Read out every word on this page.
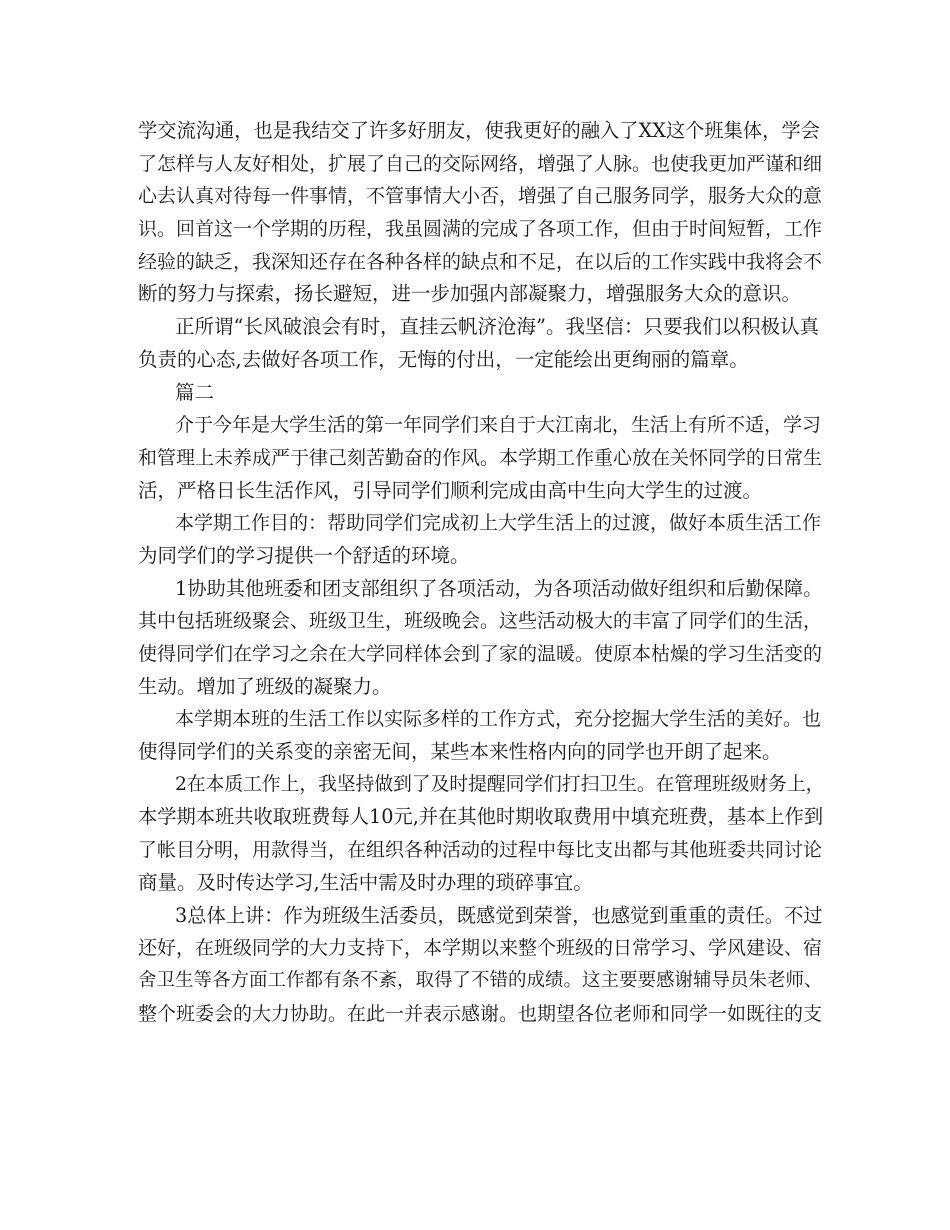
学交流沟通，也是我结交了许多好朋友，使我更好的融入了XX这个班集体，学会
了怎样与人友好相处，扩展了自己的交际网络，增强了人脉。也使我更加严谨和细
心去认真对待每一件事情，不管事情大小否，增强了自己服务同学，服务大众的意
识。回首这一个学期的历程，我虽圆满的完成了各项工作，但由于时间短暂，工作
经验的缺乏，我深知还存在各种各样的缺点和不足，在以后的工作实践中我将会不
断的努力与探索，扬长避短，进一步加强内部凝聚力，增强服务大众的意识。
正所谓“长风破浪会有时，直挂云帆济沧海”。我坚信：只要我们以积极认真
负责的心态,去做好各项工作，无悔的付出，一定能绘出更绚丽的篇章。
篇二
介于今年是大学生活的第一年同学们来自于大江南北，生活上有所不适，学习
和管理上未养成严于律己刻苦勤奋的作风。本学期工作重心放在关怀同学的日常生
活，严格日长生活作风，引导同学们顺利完成由高中生向大学生的过渡。
本学期工作目的：帮助同学们完成初上大学生活上的过渡，做好本质生活工作
为同学们的学习提供一个舒适的环境。
1协助其他班委和团支部组织了各项活动，为各项活动做好组织和后勤保障。
其中包括班级聚会、班级卫生，班级晚会。这些活动极大的丰富了同学们的生活，
使得同学们在学习之余在大学同样体会到了家的温暖。使原本枯燥的学习生活变的
生动。增加了班级的凝聚力。
本学期本班的生活工作以实际多样的工作方式，充分挖掘大学生活的美好。也
使得同学们的关系变的亲密无间，某些本来性格内向的同学也开朗了起来。
2在本质工作上，我坚持做到了及时提醒同学们打扫卫生。在管理班级财务上，
本学期本班共收取班费每人10元,并在其他时期收取费用中填充班费，基本上作到
了帐目分明，用款得当，在组织各种活动的过程中每比支出都与其他班委共同讨论
商量。及时传达学习,生活中需及时办理的琐碎事宜。
3总体上讲：作为班级生活委员，既感觉到荣誉，也感觉到重重的责任。不过
还好，在班级同学的大力支持下，本学期以来整个班级的日常学习、学风建设、宿
舍卫生等各方面工作都有条不紊，取得了不错的成绩。这主要要感谢辅导员朱老师、
整个班委会的大力协助。在此一并表示感谢。也期望各位老师和同学一如既往的支
